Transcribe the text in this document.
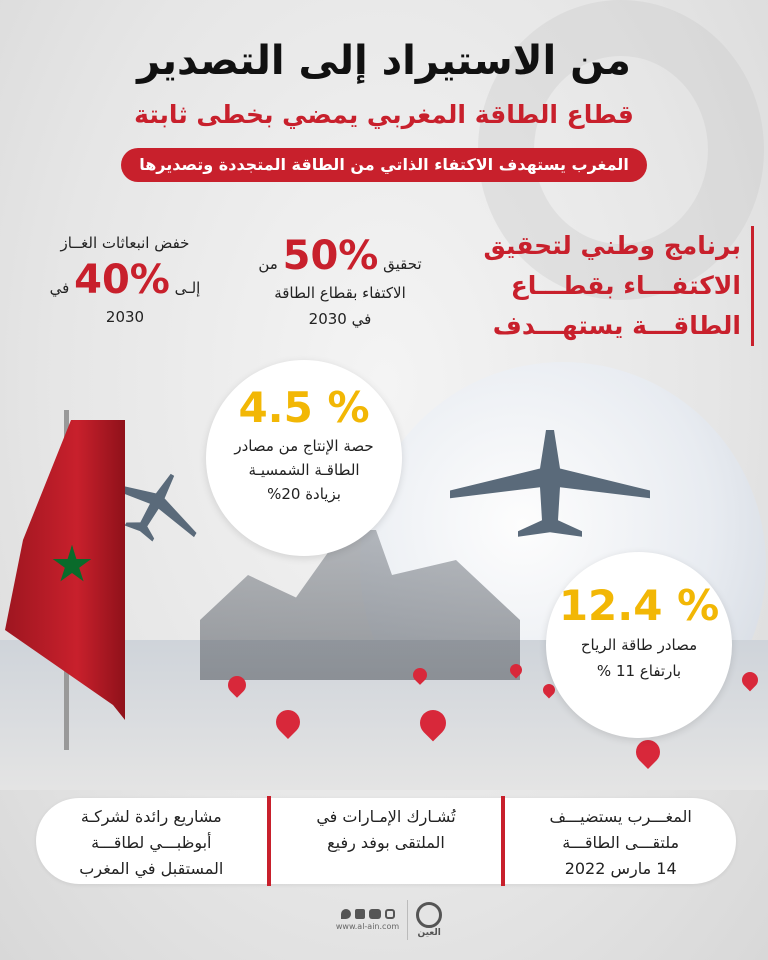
من الاستيراد إلى التصدير
قطاع الطاقة المغربي يمضي بخطى ثابتة
المغرب يستهدف الاكتفاء الذاتي من الطاقة المتجددة وتصديرها
برنامج وطني لتحقيق
الاكتفـــاء بقطـــاع
الطاقـــة يستهـــدف
تحقيق 50% من
الاكتفاء بقطاع الطاقة
في 2030
خفض انبعاثات الغــاز
إلـى 40% في
2030
4.5 %
حصة الإنتاج من مصادر
الطاقـة الشمسيـة
بزيادة 20%
12.4 %
مصادر طاقة الرياح
بارتفاع 11 %
المغـــرب يستضيـــف
ملتقـــى الطاقـــة
14 مارس 2022
تُشـارك الإمـارات في
الملتقى بوفد رفيع
مشاريع رائدة لشركـة
أبوظبـــي لطاقـــة
المستقبل في المغرب
www.al-ain.com
العين
